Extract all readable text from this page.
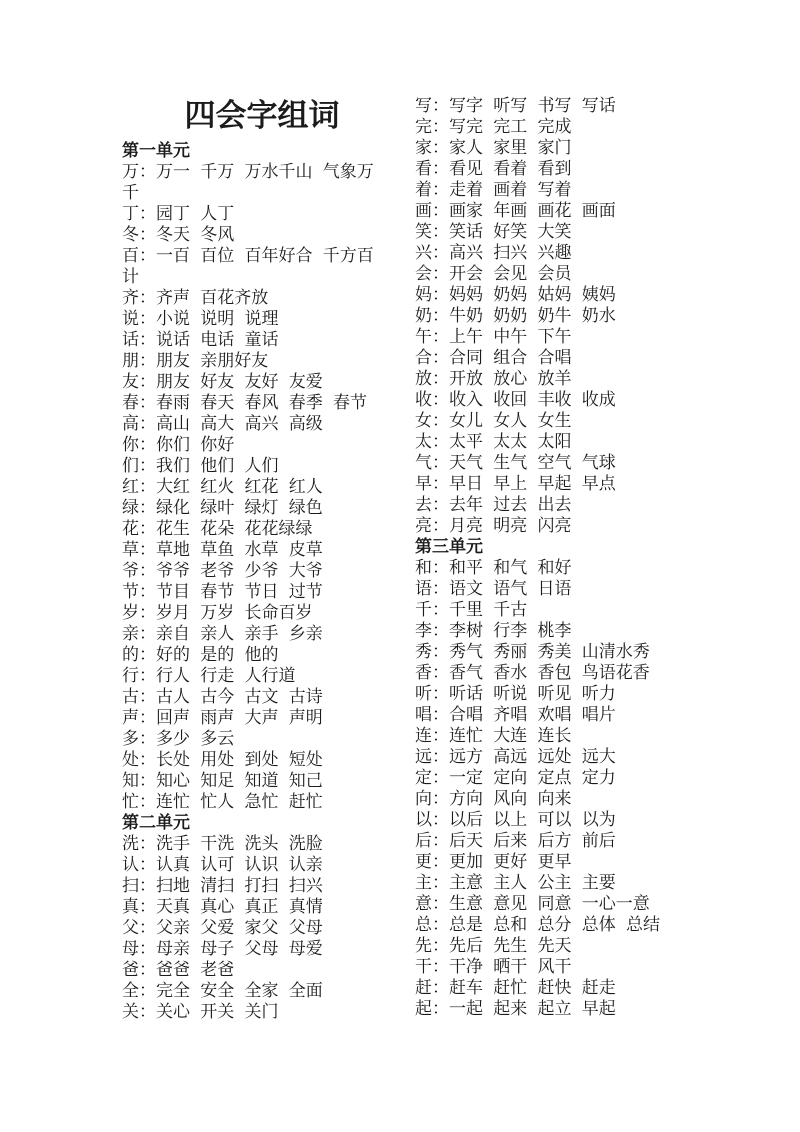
四会字组词
第一单元
万：万一 千万 万水千山 气象万
千
丁：园丁 人丁
冬：冬天 冬风
百：一百 百位 百年好合 千方百
计
齐：齐声 百花齐放
说：小说 说明 说理
话：说话 电话 童话
朋：朋友 亲朋好友
友：朋友 好友 友好 友爱
春：春雨 春天 春风 春季 春节
高：高山 高大 高兴 高级
你：你们 你好
们：我们 他们 人们
红：大红 红火 红花 红人
绿：绿化 绿叶 绿灯 绿色
花：花生 花朵 花花绿绿
草：草地 草鱼 水草 皮草
爷：爷爷 老爷 少爷 大爷
节：节目 春节 节日 过节
岁：岁月 万岁 长命百岁
亲：亲自 亲人 亲手 乡亲
的：好的 是的 他的
行：行人 行走 人行道
古：古人 古今 古文 古诗
声：回声 雨声 大声 声明
多：多少 多云
处：长处 用处 到处 短处
知：知心 知足 知道 知己
忙：连忙 忙人 急忙 赶忙
第二单元
洗：洗手 干洗 洗头 洗脸
认：认真 认可 认识 认亲
扫：扫地 清扫 打扫 扫兴
真：天真 真心 真正 真情
父：父亲 父爱 家父 父母
母：母亲 母子 父母 母爱
爸：爸爸 老爸
全：完全 安全 全家 全面
关：关心 开关 关门
写：写字 听写 书写 写话
完：写完 完工 完成
家：家人 家里 家门
看：看见 看着 看到
着：走着 画着 写着
画：画家 年画 画花 画面
笑：笑话 好笑 大笑
兴：高兴 扫兴 兴趣
会：开会 会见 会员
妈：妈妈 奶妈 姑妈 姨妈
奶：牛奶 奶奶 奶牛 奶水
午：上午 中午 下午
合：合同 组合 合唱
放：开放 放心 放羊
收：收入 收回 丰收 收成
女：女儿 女人 女生
太：太平 太太 太阳
气：天气 生气 空气 气球
早：早日 早上 早起 早点
去：去年 过去 出去
亮：月亮 明亮 闪亮
第三单元
和：和平 和气 和好
语：语文 语气 日语
千：千里 千古
李：李树 行李 桃李
秀：秀气 秀丽 秀美 山清水秀
香：香气 香水 香包 鸟语花香
听：听话 听说 听见 听力
唱：合唱 齐唱 欢唱 唱片
连：连忙 大连 连长
远：远方 高远 远处 远大
定：一定 定向 定点 定力
向：方向 风向 向来
以：以后 以上 可以 以为
后：后天 后来 后方 前后
更：更加 更好 更早
主：主意 主人 公主 主要
意：生意 意见 同意 一心一意
总：总是 总和 总分 总体 总结
先：先后 先生 先天
干：干净 晒干 风干
赶：赶车 赶忙 赶快 赶走
起：一起 起来 起立 早起
